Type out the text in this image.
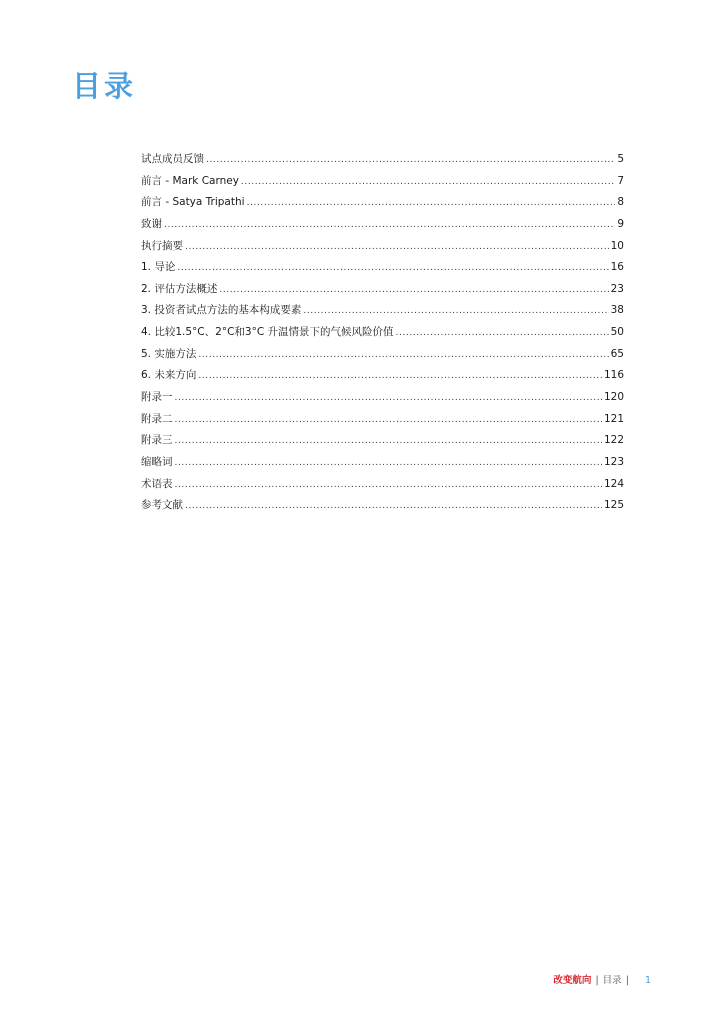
目录
试点成员反馈 .....	5
前言 - Mark Carney .....	7
前言 - Satya Tripathi .....	8
致谢 .....	9
执行摘要 .....	10
1. 导论 .....	16
2. 评估方法概述 .....	23
3. 投资者试点方法的基本构成要素 .....	38
4. 比较1.5°C、2°C和3°C 升温情景下的气候风险价值 .....	50
5. 实施方法 .....	65
6. 未来方向 .....	116
附录一 .....	120
附录二 .....	121
附录三 .....	122
缩略词 .....	123
术语表 .....	124
参考文献 .....	125
改变航向 | 目录 | 1
